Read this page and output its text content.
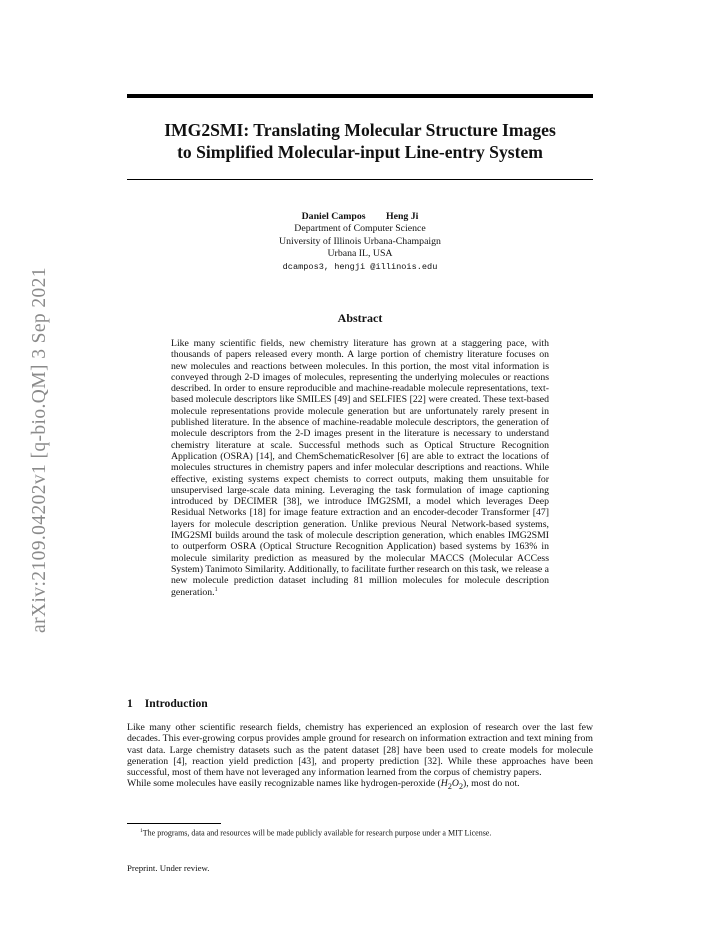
arXiv:2109.04202v1 [q-bio.QM] 3 Sep 2021
IMG2SMI: Translating Molecular Structure Images
to Simplified Molecular-input Line-entry System
Daniel Campos Heng Ji
Department of Computer Science
University of Illinois Urbana-Champaign
Urbana IL, USA
dcampos3, hengji @illinois.edu
Abstract
Like many scientific fields, new chemistry literature has grown at a staggering pace, with thousands of papers released every month. A large portion of chemistry literature focuses on new molecules and reactions between molecules. In this portion, the most vital information is conveyed through 2-D images of molecules, representing the underlying molecules or reactions described. In order to ensure reproducible and machine-readable molecule representations, text-based molecule descriptors like SMILES [49] and SELFIES [22] were created. These text-based molecule representations provide molecule generation but are unfortunately rarely present in published literature. In the absence of machine-readable molecule descriptors, the generation of molecule descriptors from the 2-D images present in the literature is necessary to understand chemistry literature at scale. Successful methods such as Optical Structure Recognition Application (OSRA) [14], and ChemSchematicResolver [6] are able to extract the locations of molecules structures in chemistry papers and infer molecular descriptions and reactions. While effective, existing systems expect chemists to correct outputs, making them unsuitable for unsupervised large-scale data mining. Leveraging the task formulation of image captioning introduced by DECIMER [38], we introduce IMG2SMI, a model which leverages Deep Residual Networks [18] for image feature extraction and an encoder-decoder Transformer [47] layers for molecule description generation. Unlike previous Neural Network-based systems, IMG2SMI builds around the task of molecule description generation, which enables IMG2SMI to outperform OSRA (Optical Structure Recognition Application) based systems by 163% in molecule similarity prediction as measured by the molecular MACCS (Molecular ACCess System) Tanimoto Similarity. Additionally, to facilitate further research on this task, we release a new molecule prediction dataset including 81 million molecules for molecule description generation.$^1$
1 Introduction

Like many other scientific research fields, chemistry has experienced an explosion of research over the last few decades. This ever-growing corpus provides ample ground for research on information extraction and text mining from vast data. Large chemistry datasets such as the patent dataset [28] have been used to create models for molecule generation [4], reaction yield prediction [43], and property prediction [32]. While these approaches have been successful, most of them have not leveraged any information learned from the corpus of chemistry papers.

While some molecules have easily recognizable names like hydrogen-peroxide $(H_2O_2)$, most do not.

$^1$The programs, data and resources will be made publicly available for research purpose under a MIT License.
Preprint. Under review.
